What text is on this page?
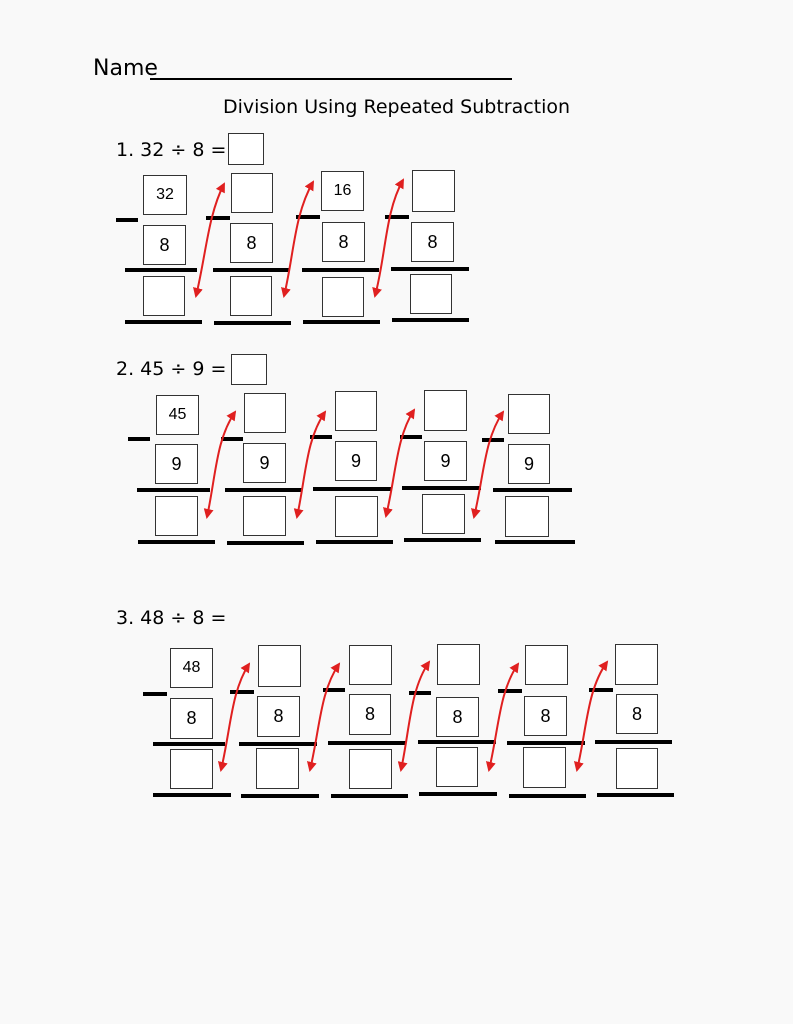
Name
Division Using Repeated Subtraction
1. 32 ÷ 8 =
32
8	8
16
8	8
2. 45 ÷ 9 =
45
9	9	9	9	9
3. 48 ÷ 8 =
48
8	8	8	8	8	8
